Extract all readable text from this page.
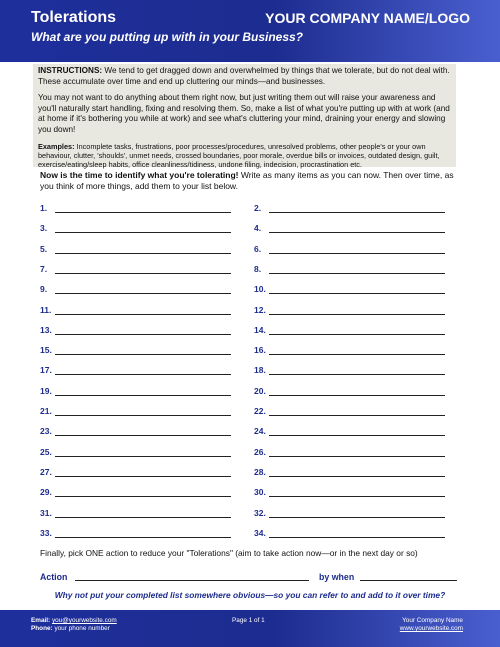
Tolerations	YOUR COMPANY NAME/LOGO
What are you putting up with in your Business?

INSTRUCTIONS: We tend to get dragged down and overwhelmed by things that we tolerate, but do not deal with. These accumulate over time and end up cluttering our minds—and businesses.

You may not want to do anything about them right now, but just writing them out will raise your awareness and you'll naturally start handling, fixing and resolving them. So, make a list of what you're putting up with at work (and at home if it's bothering you while at work) and see what's cluttering your mind, draining your energy and slowing you down!

Examples: Incomplete tasks, frustrations, poor processes/procedures, unresolved problems, other people's or your own behaviour, clutter, 'shoulds', unmet needs, crossed boundaries, poor morale, overdue bills or invoices, outdated design, guilt, exercise/eating/sleep habits, office cleanliness/tidiness, undone filing, indecision, procrastination etc.

Now is the time to identify what you're tolerating! Write as many items as you can now. Then over time, as you think of more things, add them to your list below.
1.	2.
3.	4.
5.	6.
7.	8.
9.	10.
11.	12.
13.	14.
15.	16.
17.	18.
19.	20.
21.	22.
23.	24.
25.	26.
27.	28.
29.	30.
31.	32.
33.	34.
Finally, pick ONE action to reduce your "Tolerations" (aim to take action now—or in the next day or so)
Action	by when
Why not put your completed list somewhere obvious—so you can refer to and add to it over time?
Email: you@yourwebsite.com
Phone: your phone number
Page 1 of 1	Your Company Name
www.yourwebsite.com
